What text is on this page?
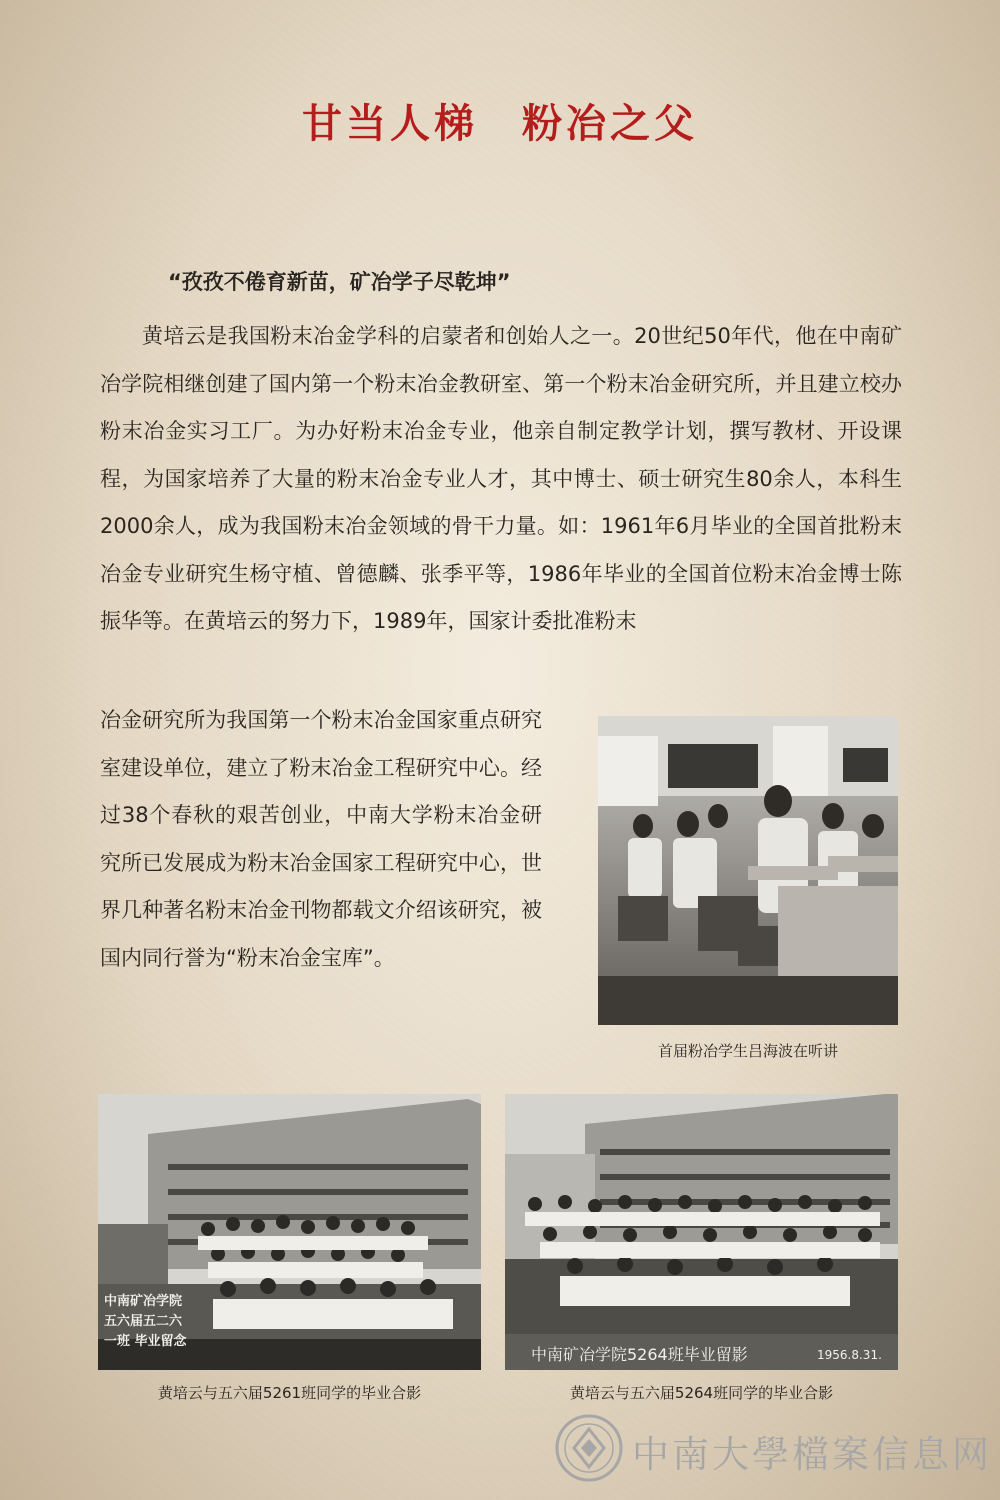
甘当人梯　粉冶之父
“孜孜不倦育新苗，矿冶学子尽乾坤”

黄培云是我国粉末冶金学科的启蒙者和创始人之一。20世纪50年代，他在中南矿冶学院相继创建了国内第一个粉末冶金教研室、第一个粉末冶金研究所，并且建立校办粉末冶金实习工厂。为办好粉末冶金专业，他亲自制定教学计划，撰写教材、开设课程，为国家培养了大量的粉末冶金专业人才，其中博士、硕士研究生80余人，本科生2000余人，成为我国粉末冶金领域的骨干力量。如：1961年6月毕业的全国首批粉末冶金专业研究生杨守植、曾德麟、张季平等，1986年毕业的全国首位粉末冶金博士陈振华等。在黄培云的努力下，1989年，国家计委批准粉末

冶金研究所为我国第一个粉末冶金国家重点研究室建设单位，建立了粉末冶金工程研究中心。经过38个春秋的艰苦创业，中南大学粉末冶金研究所已发展成为粉末冶金国家工程研究中心，世界几种著名粉末冶金刊物都载文介绍该研究，被国内同行誉为“粉末冶金宝库”。

首届粉冶学生吕海波在听讲
中南矿冶学院 五六届五二六一班 毕业留念
黄培云与五六届5261班同学的毕业合影
中南矿冶学院5264班毕业留影	1956.8.31.
黄培云与五六届5264班同学的毕业合影
中南大學檔案信息网
